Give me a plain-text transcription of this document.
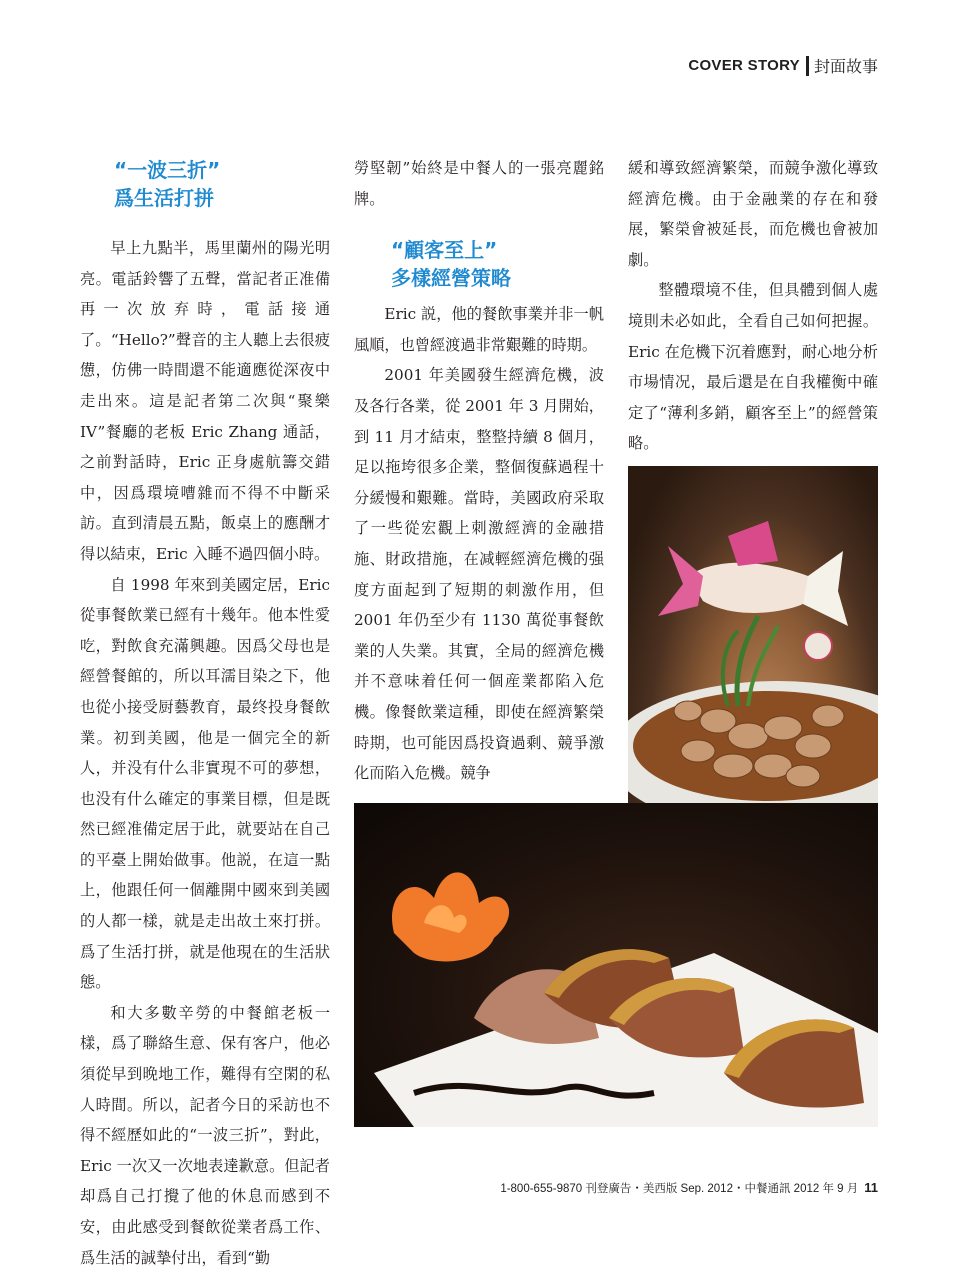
COVER STORY 封面故事
“一波三折”
爲生活打拼

早上九點半，馬里蘭州的陽光明亮。電話鈴響了五聲，當記者正准備再一次放弃時，電話接通了。“Hello?”聲音的主人聽上去很疲憊，仿佛一時間還不能適應從深夜中走出來。這是記者第二次與“聚樂 IV”餐廳的老板 Eric Zhang 通話，之前對話時，Eric 正身處航籌交錯中，因爲環境嘈雜而不得不中斷采訪。直到清晨五點，飯桌上的應酬才得以結束，Eric 入睡不過四個小時。

自 1998 年來到美國定居，Eric 從事餐飲業已經有十幾年。他本性愛吃，對飲食充滿興趣。因爲父母也是經營餐館的，所以耳濡目染之下，他也從小接受厨藝教育，最终投身餐飲業。初到美國，他是一個完全的新人，并没有什么非實現不可的夢想，也没有什么確定的事業目標，但是既然已經准備定居于此，就要站在自己的平臺上開始做事。他説，在這一點上，他跟任何一個離開中國來到美國的人都一樣，就是走出故土來打拼。爲了生活打拼，就是他現在的生活狀態。

和大多數辛勞的中餐館老板一樣，爲了聯絡生意、保有客户，他必須從早到晚地工作，難得有空閑的私人時間。所以，記者今日的采訪也不得不經歷如此的“一波三折”，對此，Eric 一次又一次地表達歉意。但記者却爲自己打攪了他的休息而感到不安，由此感受到餐飲從業者爲工作、爲生活的誠摯付出，看到“勤

勞堅韌”始終是中餐人的一張亮麗銘牌。

Eric 説，他的餐飲事業并非一帆風順，也曾經渡過非常艱難的時期。

2001 年美國發生經濟危機，波及各行各業，從 2001 年 3 月開始，到 11 月才結束，整整持續 8 個月，足以拖垮很多企業，整個復蘇過程十分緩慢和艱難。當時，美國政府采取了一些從宏觀上刺激經濟的金融措施、財政措施，在减輕經濟危機的强度方面起到了短期的刺激作用，但 2001 年仍至少有 1130 萬從事餐飲業的人失業。其實，全局的經濟危機并不意味着任何一個産業都陷入危機。像餐飲業這種，即使在經濟繁榮時期，也可能因爲投資過剩、競爭激化而陷入危機。競争

“顧客至上”
多樣經營策略

緩和導致經濟繁榮，而競争激化導致經濟危機。由于金融業的存在和發展，繁榮會被延長，而危機也會被加劇。

整體環境不佳，但具體到個人處境則未必如此，全看自己如何把握。Eric 在危機下沉着應對，耐心地分析市場情况，最后還是在自我權衡中確定了“薄利多銷，顧客至上”的經營策略。

1-800-655-9870 刊登廣告・美西版 Sep. 2012・中餐通訊 2012 年 9 月 11
